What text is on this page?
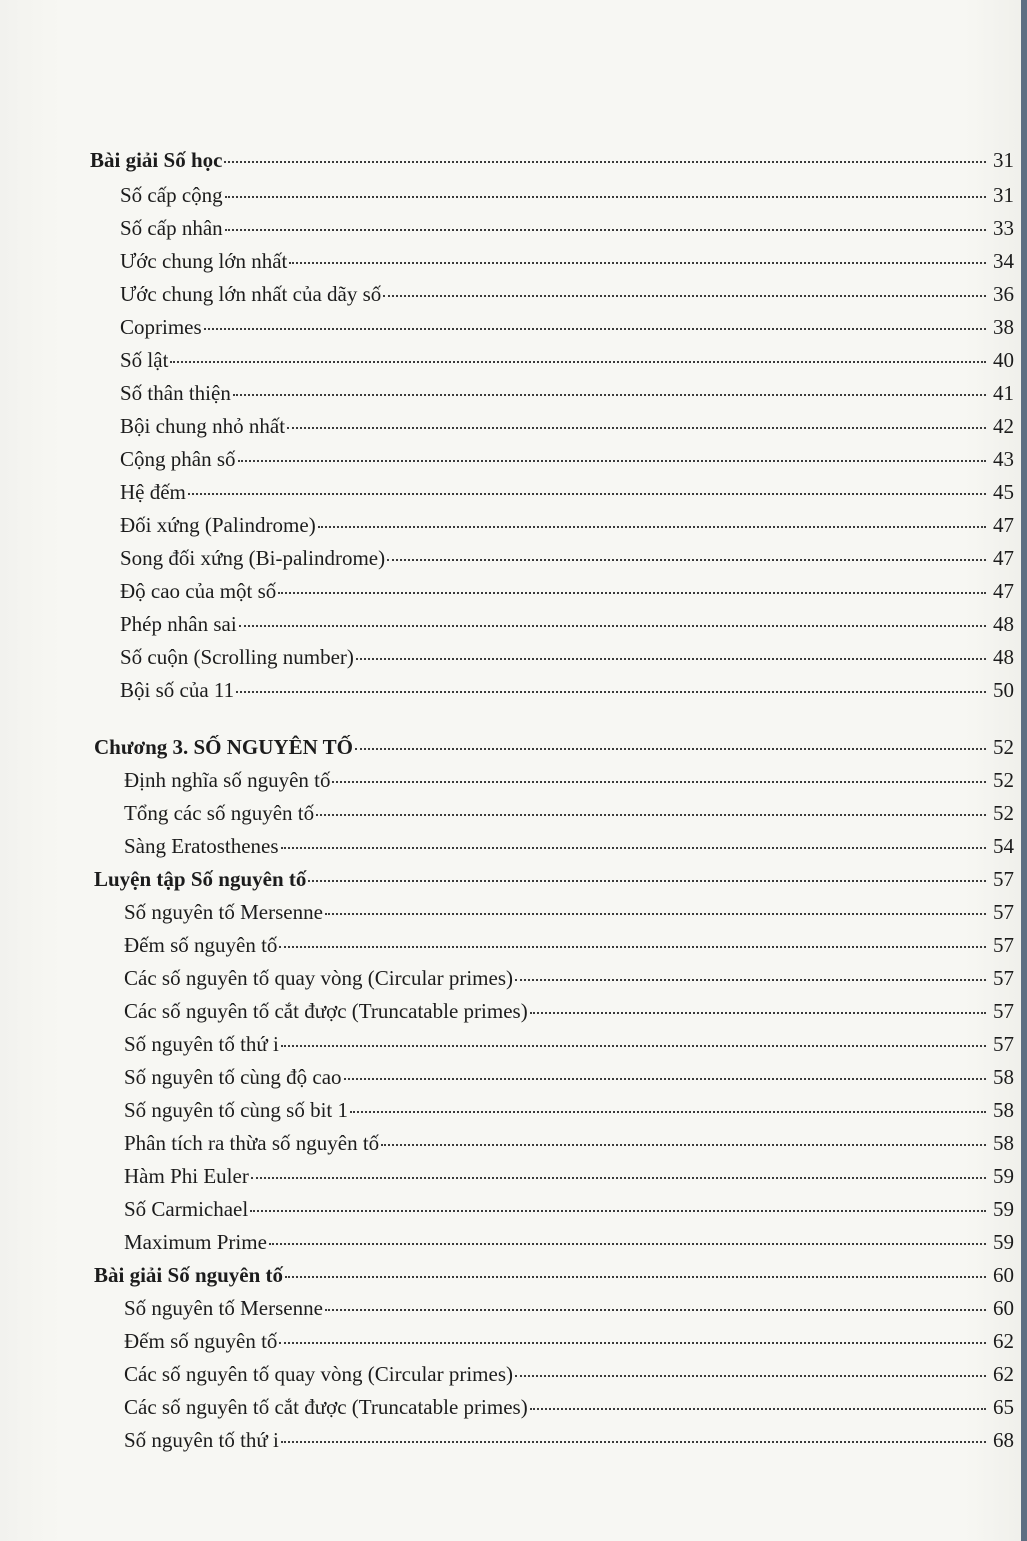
Bài giải Số học	31
Số cấp cộng	31
Số cấp nhân	33
Ước chung lớn nhất	34
Ước chung lớn nhất của dãy số	36
Coprimes	38
Số lật	40
Số thân thiện	41
Bội chung nhỏ nhất	42
Cộng phân số	43
Hệ đếm	45
Đối xứng (Palindrome)	47
Song đối xứng (Bi-palindrome)	47
Độ cao của một số	47
Phép nhân sai	48
Số cuộn (Scrolling number)	48
Bội số của 11	50
Chương 3. SỐ NGUYÊN TỐ	52
Định nghĩa số nguyên tố	52
Tổng các số nguyên tố	52
Sàng Eratosthenes	54
Luyện tập Số nguyên tố	57
Số nguyên tố Mersenne	57
Đếm số nguyên tố	57
Các số nguyên tố quay vòng (Circular primes)	57
Các số nguyên tố cắt được (Truncatable primes)	57
Số nguyên tố thứ i	57
Số nguyên tố cùng độ cao	58
Số nguyên tố cùng số bit 1	58
Phân tích ra thừa số nguyên tố	58
Hàm Phi Euler	59
Số Carmichael	59
Maximum Prime	59
Bài giải Số nguyên tố	60
Số nguyên tố Mersenne	60
Đếm số nguyên tố	62
Các số nguyên tố quay vòng (Circular primes)	62
Các số nguyên tố cắt được (Truncatable primes)	65
Số nguyên tố thứ i	68
